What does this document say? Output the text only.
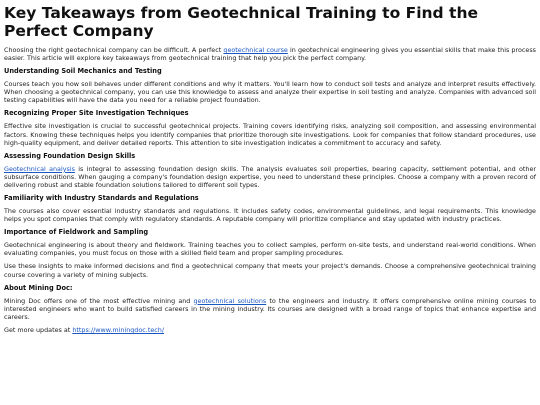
Key Takeaways from Geotechnical Training to Find the Perfect Company

Choosing the right geotechnical company can be difficult. A perfect geotechnical course in geotechnical engineering gives you essential skills that make this process easier. This article will explore key takeaways from geotechnical training that help you pick the perfect company.

Understanding Soil Mechanics and Testing

Courses teach you how soil behaves under different conditions and why it matters. You'll learn how to conduct soil tests and analyze and interpret results effectively. When choosing a geotechnical company, you can use this knowledge to assess and analyze their expertise in soil testing and analyze. Companies with advanced soil testing capabilities will have the data you need for a reliable project foundation.

Recognizing Proper Site Investigation Techniques

Effective site investigation is crucial to successful geotechnical projects. Training covers identifying risks, analyzing soil composition, and assessing environmental factors. Knowing these techniques helps you identify companies that prioritize thorough site investigations. Look for companies that follow standard procedures, use high-quality equipment, and deliver detailed reports. This attention to site investigation indicates a commitment to accuracy and safety.

Assessing Foundation Design Skills

Geotechnical analysis is integral to assessing foundation design skills. The analysis evaluates soil properties, bearing capacity, settlement potential, and other subsurface conditions. When gauging a company's foundation design expertise, you need to understand these principles. Choose a company with a proven record of delivering robust and stable foundation solutions tailored to different soil types.

Familiarity with Industry Standards and Regulations

The courses also cover essential industry standards and regulations. It includes safety codes, environmental guidelines, and legal requirements. This knowledge helps you spot companies that comply with regulatory standards. A reputable company will prioritize compliance and stay updated with industry practices.

Importance of Fieldwork and Sampling

Geotechnical engineering is about theory and fieldwork. Training teaches you to collect samples, perform on-site tests, and understand real-world conditions. When evaluating companies, you must focus on those with a skilled field team and proper sampling procedures.

Use these insights to make informed decisions and find a geotechnical company that meets your project's demands. Choose a comprehensive geotechnical training course covering a variety of mining subjects.

About Mining Doc:

Mining Doc offers one of the most effective mining and geotechnical solutions to the engineers and industry. It offers comprehensive online mining courses to interested engineers who want to build satisfied careers in the mining industry. Its courses are designed with a broad range of topics that enhance expertise and careers.

Get more updates at https://www.miningdoc.tech/
